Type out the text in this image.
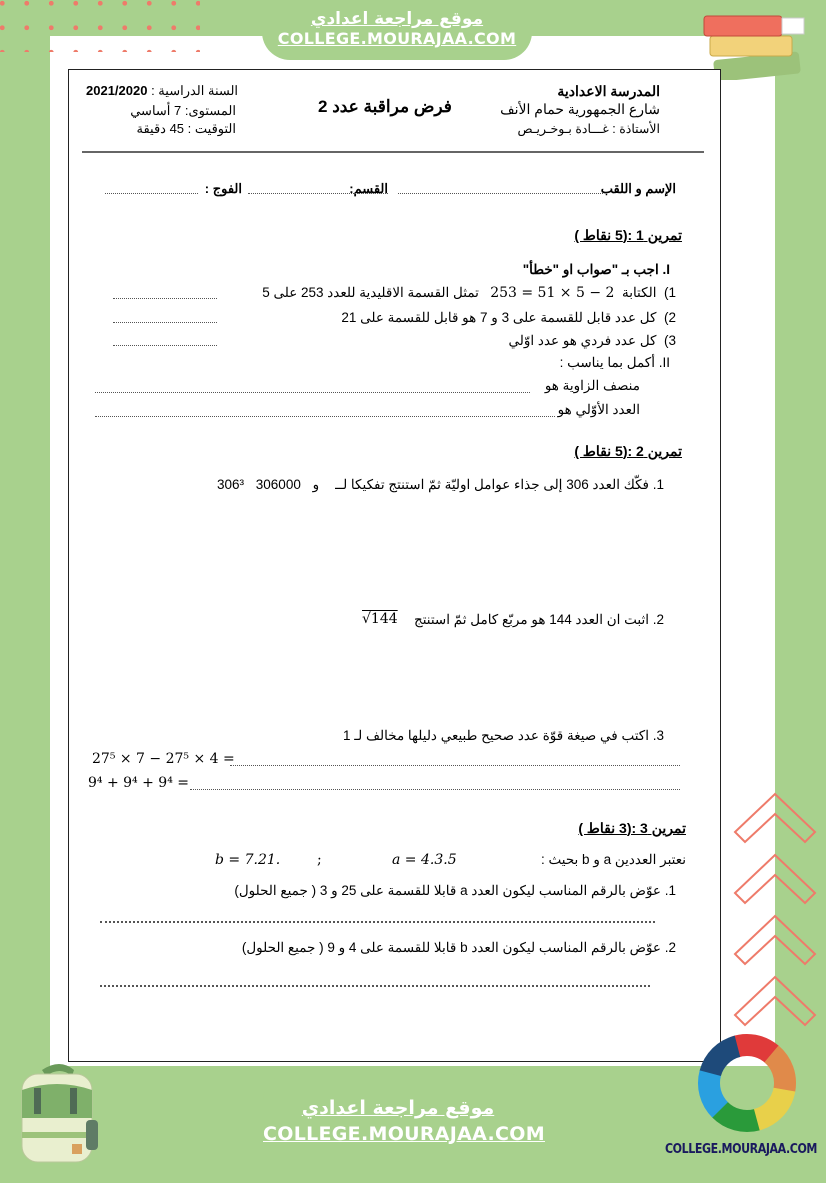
موقع مراجعة اعدادي
COLLEGE.MOURAJAA.COM
المدرسة الاعدادية
شارع الجمهورية حمام الأنف
الأستاذة : غـــادة بـوخـريـص
فرض مراقبة عدد 2
2021/2020 السنة الدراسية :
المستوى: 7 أساسي
التوقيت : 45 دقيقة
الإسم و اللقب
القسم:
الفوج :
تمرين 1 :(5 نقاط )
I. اجب بـ "صواب او "خطأ"
1)  الكتابة  253 = 51 × 5 − 2   تمثل القسمة الاقليدية للعدد 253 على 5
2)  كل عدد قابل للقسمة على 3 و 7 هو قابل للقسمة على 21
3)  كل عدد فردي هو عدد اوّلي
II. أكمل بما يناسب :
منصف الزاوية هو
العدد الأوّلي هو
تمرين 2 :(5 نقاط )
1. فكّك العدد 306 إلى جذاء عوامل اوليّة ثمّ استنتج تفكيكا لــ
306³ و 306000
2. اثبت ان العدد 144 هو مربّع كامل ثمّ استنتج
√144
3. اكتب في صيغة قوّة عدد صحيح طبيعي دليلها مخالف لـ 1
27⁵ × 7 − 27⁵ × 4 =
9⁴ + 9⁴ + 9⁴ =
تمرين 3 :(3 نقاط )
نعتبر العددين a و b بحيث :
a = 4.3.5
;
b = 7.21.
1. عوّض بالرقم المناسب ليكون العدد a قابلا للقسمة على 25 و 3 ( جميع الحلول)
2. عوّض بالرقم المناسب ليكون العدد b قابلا للقسمة على 4 و 9 ( جميع الحلول)
موقع مراجعة اعدادي
COLLEGE.MOURAJAA.COM
COLLEGE.MOURAJAA.COM
